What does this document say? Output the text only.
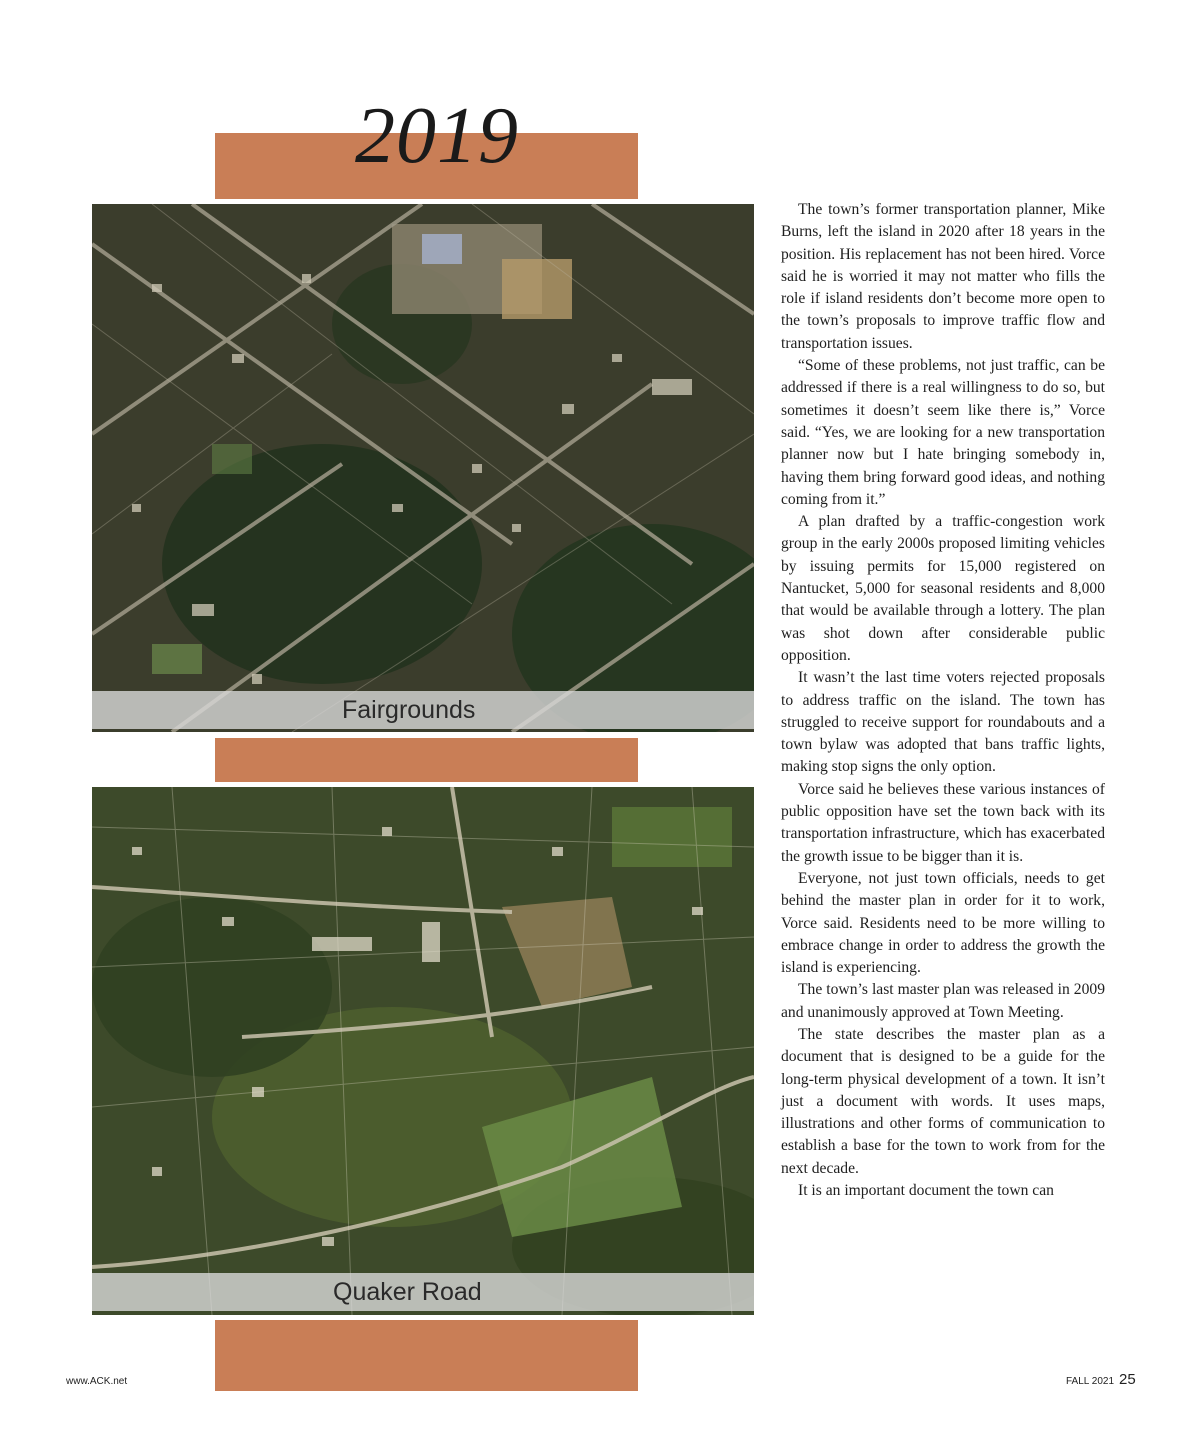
2019
Fairgrounds
Quaker Road

The town’s former transportation planner, Mike Burns, left the island in 2020 after 18 years in the position. His replacement has not been hired. Vorce said he is worried it may not matter who fills the role if island residents don’t become more open to the town’s proposals to improve traffic flow and transportation issues.

“Some of these problems, not just traffic, can be addressed if there is a real willingness to do so, but sometimes it doesn’t seem like there is,” Vorce said. “Yes, we are looking for a new transportation planner now but I hate bringing somebody in, having them bring forward good ideas, and nothing coming from it.”

A plan drafted by a traffic-congestion work group in the early 2000s proposed limiting vehicles by issuing permits for 15,000 registered on Nantucket, 5,000 for seasonal residents and 8,000 that would be available through a lottery. The plan was shot down after considerable public opposition.

It wasn’t the last time voters rejected proposals to address traffic on the island. The town has struggled to receive support for roundabouts and a town bylaw was adopted that bans traffic lights, making stop signs the only option.

Vorce said he believes these various instances of public opposition have set the town back with its transportation infrastructure, which has exacerbated the growth issue to be bigger than it is.

Everyone, not just town officials, needs to get behind the master plan in order for it to work, Vorce said. Residents need to be more willing to embrace change in order to address the growth the island is experiencing.

The town’s last master plan was released in 2009 and unanimously approved at Town Meeting.

The state describes the master plan as a document that is designed to be a guide for the long-term physical development of a town. It isn’t just a document with words. It uses maps, illustrations and other forms of communication to establish a base for the town to work from for the next decade.

It is an important document the town can

www.ACK.net	FALL 2021 25
